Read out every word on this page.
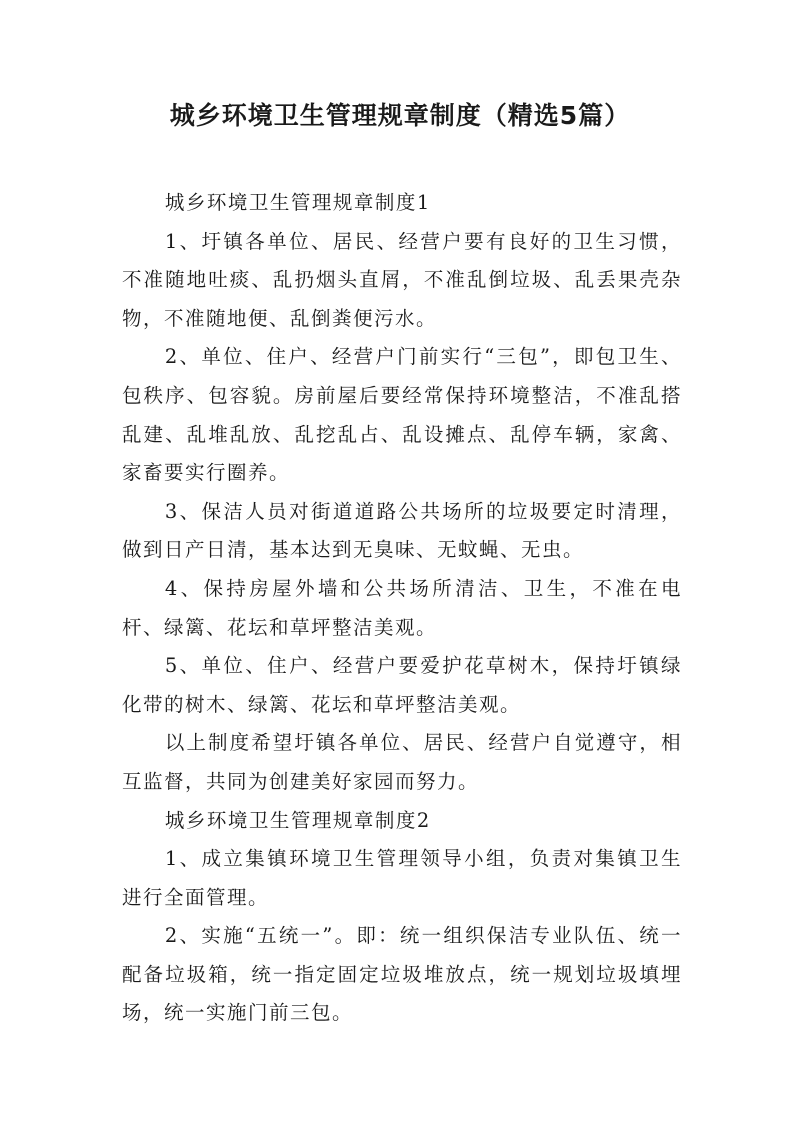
城乡环境卫生管理规章制度（精选5篇）

城乡环境卫生管理规章制度1

1、圩镇各单位、居民、经营户要有良好的卫生习惯，不准随地吐痰、乱扔烟头直屑，不准乱倒垃圾、乱丢果壳杂物，不准随地便、乱倒粪便污水。

2、单位、住户、经营户门前实行“三包”，即包卫生、包秩序、包容貌。房前屋后要经常保持环境整洁，不准乱搭乱建、乱堆乱放、乱挖乱占、乱设摊点、乱停车辆，家禽、家畜要实行圈养。

3、保洁人员对街道道路公共场所的垃圾要定时清理，做到日产日清，基本达到无臭味、无蚊蝇、无虫。

4、保持房屋外墙和公共场所清洁、卫生，不准在电杆、绿篱、花坛和草坪整洁美观。

5、单位、住户、经营户要爱护花草树木，保持圩镇绿化带的树木、绿篱、花坛和草坪整洁美观。

以上制度希望圩镇各单位、居民、经营户自觉遵守，相互监督，共同为创建美好家园而努力。

城乡环境卫生管理规章制度2

1、成立集镇环境卫生管理领导小组，负责对集镇卫生进行全面管理。

2、实施“五统一”。即：统一组织保洁专业队伍、统一配备垃圾箱，统一指定固定垃圾堆放点，统一规划垃圾填埋场，统一实施门前三包。
